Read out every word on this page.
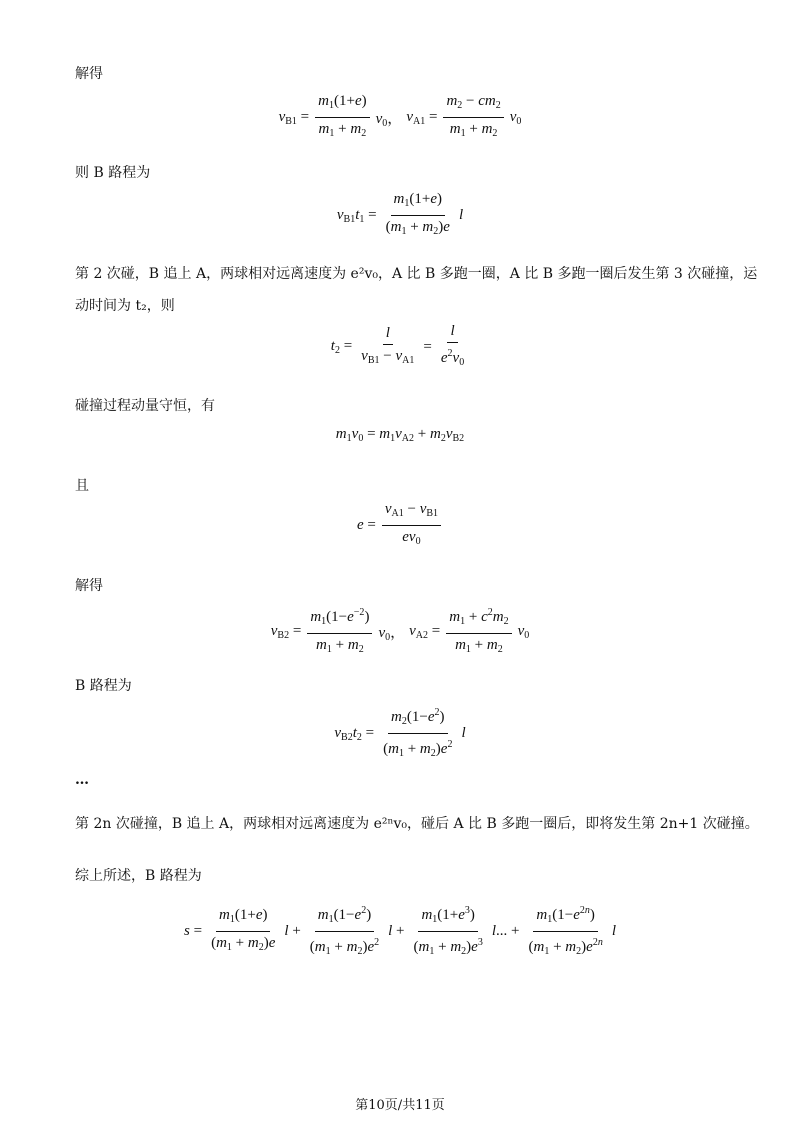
解得
$v_{B1} = \frac{m_1(1+e)}{m_1 + m_2} v_0$， $v_{A1} = \frac{m_2 - cm_2}{m_1 + m_2} v_0$
则 B 路程为
$v_{B1}t_1 = \frac{m_1(1+e)}{(m_1 + m_2)e}$ l
第 2 次碰，B 追上 A，两球相对远离速度为 e²v₀，A 比 B 多跑一圈，A 比 B 多跑一圈后发生第 3 次碰撞，运
动时间为 t₂，则
$t_2 = \frac{l}{v_{B1} - v_{A1}} = \frac{l}{e^2v_0}$
碰撞过程动量守恒，有
$m_1v_0 = m_1v_{A2} + m_2v_{B2}$
且
$e = \frac{v_{A1} - v_{B1}}{ev_0}$
解得
$v_{B2} = \frac{m_1(1-e^{-2})}{m_1 + m_2} v_0$， $v_{A2} = \frac{m_1 + c^2m_2}{m_1 + m_2} v_0$
B 路程为
$v_{B2}t_2 = \frac{m_2(1-e^2)}{(m_1 + m_2)e^2}$ l
…
第 2n 次碰撞，B 追上 A，两球相对远离速度为 e²ⁿv₀，碰后 A 比 B 多跑一圈后，即将发生第 2n+1 次碰撞。
综上所述，B 路程为
$s = \frac{m_1(1+e)}{(m_1 + m_2)e}$ $l + \frac{m_1(1-e^2)}{(m_1 + m_2)e^2}$ $l + \frac{m_1(1+e^3)}{(m_1 + m_2)e^3} l$... + $\frac{m_1(1-e^{2n})}{(m_1 + m_2)e^{2n}}$ l
第10页/共11页
